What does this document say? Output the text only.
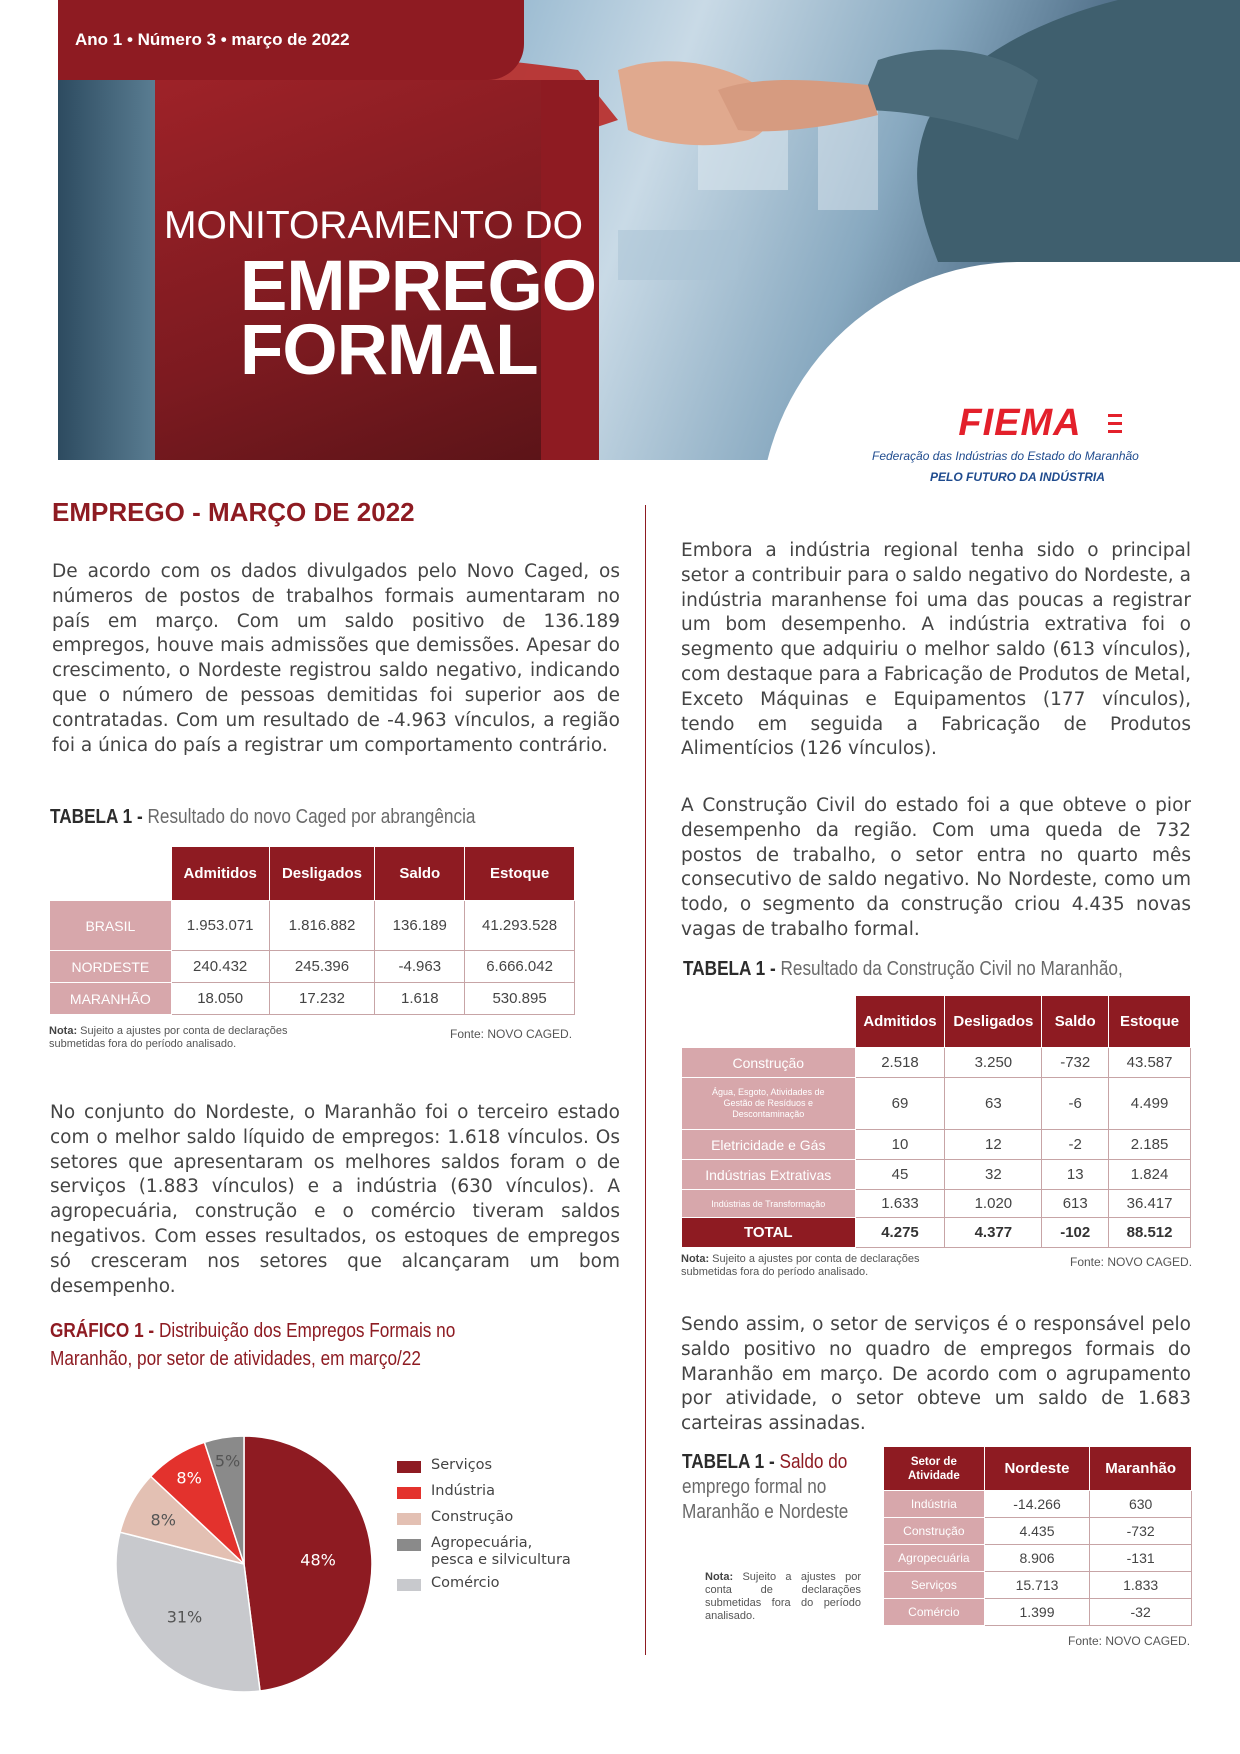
Ano 1 • Número 3 • março de 2022
MONITORAMENTO DO
EMPREGO
FORMAL
FIEMA
Federação das Indústrias do Estado do Maranhão
PELO FUTURO DA INDÚSTRIA
EMPREGO - MARÇO DE 2022
De acordo com os dados divulgados pelo Novo Caged, os números de postos de trabalhos formais aumentaram no país em março. Com um saldo positivo de 136.189 empregos, houve mais admissões que demissões. Apesar do crescimento, o Nordeste registrou saldo negativo, indicando que o número de pessoas demitidas foi superior aos de contratadas. Com um resultado de -4.963 vínculos, a região foi a única do país a registrar um comportamento contrário.
TABELA 1 - Resultado do novo Caged por abrangência
	Admitidos	Desligados	Saldo	Estoque
BRASIL	1.953.071	1.816.882	136.189	41.293.528
NORDESTE	240.432	245.396	-4.963	6.666.042
MARANHÃO	18.050	17.232	1.618	530.895
Nota: Sujeito a ajustes por conta de declarações submetidas fora do período analisado.
Fonte: NOVO CAGED.
No conjunto do Nordeste, o Maranhão foi o terceiro estado com o melhor saldo líquido de empregos: 1.618 vínculos. Os setores que apresentaram os melhores saldos foram o de serviços (1.883 vínculos) e a indústria (630 vínculos). A agropecuária, construção e o comércio tiveram saldos negativos. Com esses resultados, os estoques de empregos só cresceram nos setores que alcançaram um bom desempenho.
GRÁFICO 1 - Distribuição dos Empregos Formais no
Maranhão, por setor de atividades, em março/22
48%
31%
8%
8%
5%	Serviços
Indústria
Construção
Agropecuária,
pesca e silvicultura
Comércio
Embora a indústria regional tenha sido o principal setor a contribuir para o saldo negativo do Nordeste, a indústria maranhense foi uma das poucas a registrar um bom desempenho. A indústria extrativa foi o segmento que adquiriu o melhor saldo (613 vínculos), com destaque para a Fabricação de Produtos de Metal, Exceto Máquinas e Equipamentos (177 vínculos), tendo em seguida a Fabricação de Produtos Alimentícios (126 vínculos).
A Construção Civil do estado foi a que obteve o pior desempenho da região. Com uma queda de 732 postos de trabalho, o setor entra no quarto mês consecutivo de saldo negativo. No Nordeste, como um todo, o segmento da construção criou 4.435 novas vagas de trabalho formal.
TABELA 1 - Resultado da Construção Civil no Maranhão,
	Admitidos	Desligados	Saldo	Estoque
Construção	2.518	3.250	-732	43.587
Água, Esgoto, Atividades de Gestão de Resíduos e Descontaminação	69	63	-6	4.499
Eletricidade e Gás	10	12	-2	2.185
Indústrias Extrativas	45	32	13	1.824
Indústrias de Transformação	1.633	1.020	613	36.417
TOTAL	4.275	4.377	-102	88.512
Nota: Sujeito a ajustes por conta de declarações submetidas fora do período analisado.
Fonte: NOVO CAGED.
Sendo assim, o setor de serviços é o responsável pelo saldo positivo no quadro de empregos formais do Maranhão em março. De acordo com o agrupamento por atividade, o setor obteve um saldo de 1.683 carteiras assinadas.
TABELA 1 - Saldo do
emprego formal no
Maranhão e Nordeste
Setor de Atividade	Nordeste	Maranhão
Indústria	-14.266	630
Construção	4.435	-732
Agropecuária	8.906	-131
Serviços	15.713	1.833
Comércio	1.399	-32
Nota: Sujeito a ajustes por conta de declarações submetidas fora do período analisado.
Fonte: NOVO CAGED.
